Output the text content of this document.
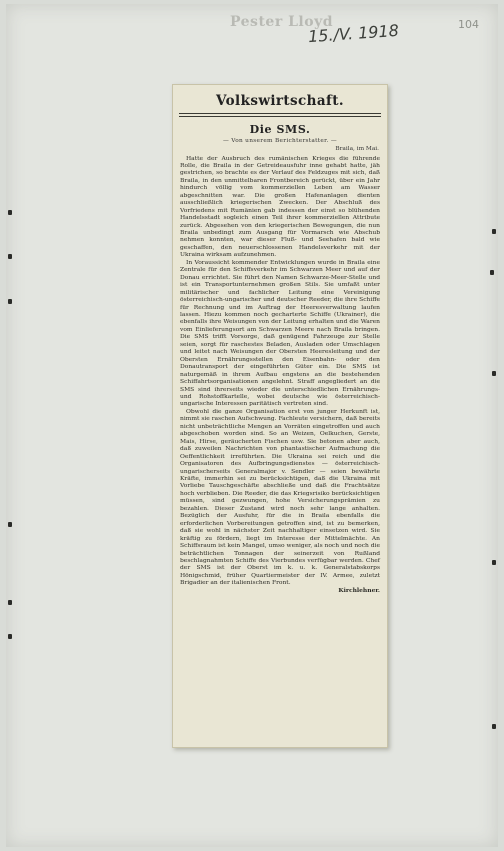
Pester Lloyd
15./V. 1918	104
Volkswirtschaft.
Die SMS.
— Von unserem Berichterstatter. —
Braila, im Mai.

Hatte der Ausbruch des rumänischen Krieges die führende Rolle, die Braila in der Getreideausfuhr inne gehabt hatte, jäh gestrichen, so brachte es der Verlauf des Feldzuges mit sich, daß Braila, in den unmittelbaren Frontbereich gerückt, über ein Jahr hindurch völlig vom kommerziellen Leben am Wasser abgeschnitten war. Die großen Hafenanlagen dienten ausschließlich kriegerischen Zwecken. Der Abschluß des Vorfriedens mit Rumänien gab indessen der einst so blühenden Handelsstadt sogleich einen Teil ihrer kommerziellen Attribute zurück. Abgesehen von den kriegerischen Bewegungen, die nun Braila unbedingt zum Ausgang für Vormarsch wie Abschub nehmen konnten, war dieser Fluß- und Seehafen bald wie geschaffen, den neuerschlossenen Handelsverkehr mit der Ukraina wirksam aufzunehmen.

In Voraussicht kommender Entwicklungen wurde in Braila eine Zentrale für den Schiffsverkehr im Schwarzen Meer und auf der Donau errichtet. Sie führt den Namen Schwarze-Meer-Stelle und ist ein Transportunternehmen großen Stils. Sie umfaßt unter militärischer und fachlicher Leitung eine Vereinigung österreichisch-ungarischer und deutscher Reeder, die ihre Schiffe für Rechnung und im Auftrag der Heeresverwaltung laufen lassen. Hiezu kommen noch gecharterte Schiffe (Ukrainer), die ebenfalls ihre Weisungen von der Leitung erhalten und die Waren vom Einlieferungsort am Schwarzen Meere nach Braila bringen. Die SMS trifft Vorsorge, daß genügend Fahrzeuge zur Stelle seien, sorgt für raschestes Beladen, Ausladen oder Umschlagen und leitet nach Weisungen der Obersten Heeresleitung und der Obersten Ernährungsstellen den Eisenbahn- oder den Donautransport der eingeführten Güter ein. Die SMS ist naturgemäß in ihrem Aufbau engstens an die bestehenden Schiffahrtsorganisationen angelehnt. Straff angegliedert an die SMS sind ihrerseits wieder die unterschiedlichen Ernährungs- und Rohstoffkartelle, wobei deutsche wie österreichisch-ungarische Interessen paritätisch vertreten sind.

Obwohl die ganze Organisation erst von junger Herkunft ist, nimmt sie raschen Aufschwung. Fachleute versichern, daß bereits nicht unbeträchtliche Mengen an Vorräten eingetroffen und auch abgeschoben worden sind. So an Weizen, Oelkuchen, Gerste, Mais, Hirse, geräucherten Fischen usw. Sie betonen aber auch, daß zuweilen Nachrichten von phantastischer Aufmachung die Oeffentlichkeit irreführten. Die Ukraina sei reich und die Organisatoren des Aufbringungsdienstes — österreichisch-ungarischerseits Generalmajor v. Sendler — seien bewährte Kräfte, immerhin sei zu berücksichtigen, daß die Ukraina mit Vorliebe Tauschgeschäfte abschließe und daß die Frachtsätze hoch verblieben. Die Reeder, die das Kriegsrisiko berücksichtigen müssen, sind gezwungen, hohe Versicherungsprämien zu bezahlen. Dieser Zustand wird noch sehr lange anhalten. Bezüglich der Ausfuhr, für die in Braila ebenfalls die erforderlichen Vorbereitungen getroffen sind, ist zu bemerken, daß sie wohl in nächster Zeit nachhaltiger einsetzen wird. Sie kräftig zu fördern, liegt im Interesse der Mittelmächte. An Schiffsraum ist kein Mangel, umso weniger, als noch und noch die beträchtlichen Tonnagen der seinerzeit von Rußland beschlagnahmten Schiffe des Vierbundes verfügbar werden. Chef der SMS ist der Oberst im k. u. k. Generalstabskorps Hönigschmid, früher Quartiermeister der IV. Armee, zuletzt Brigadier an der italienischen Front.

Kirchlehner.
